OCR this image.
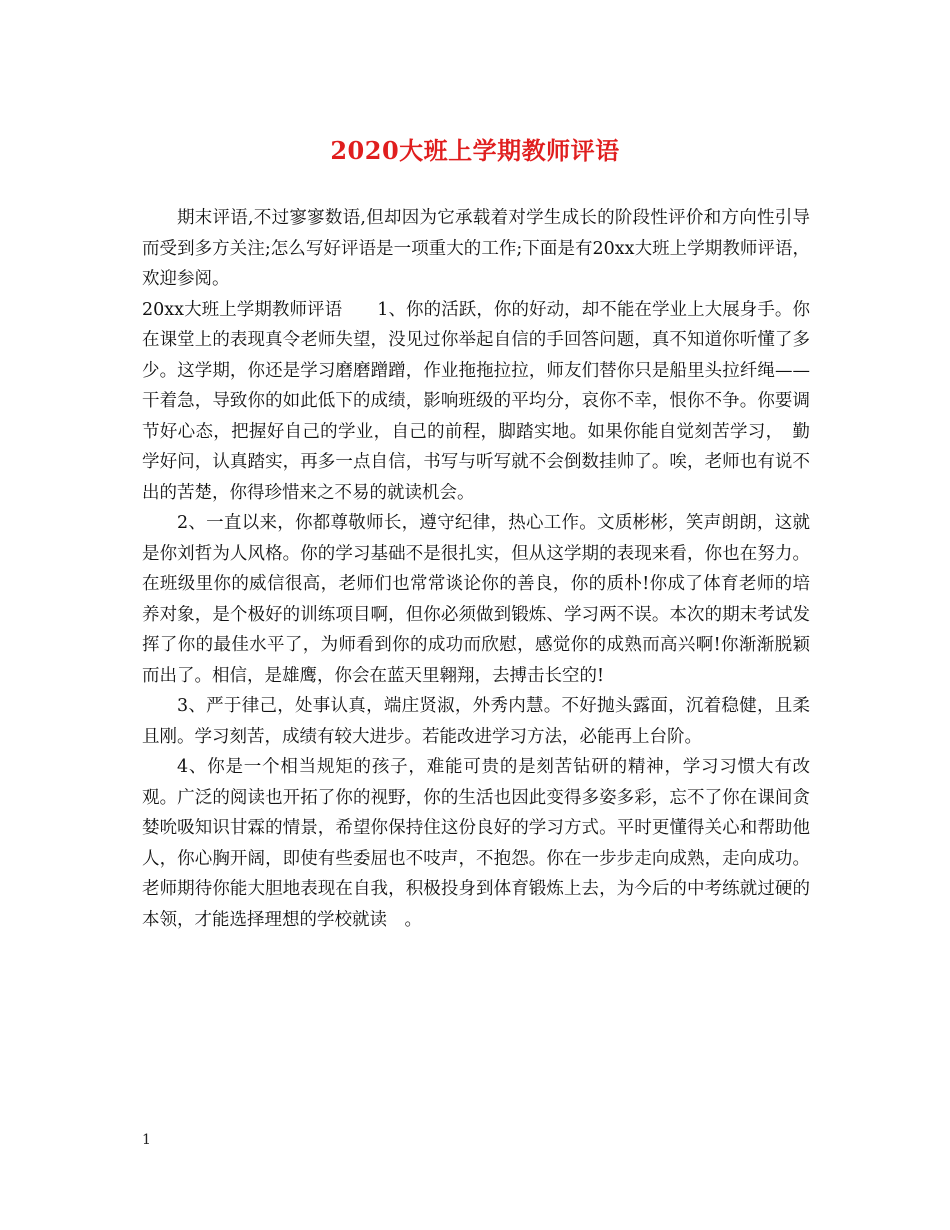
2020大班上学期教师评语

期末评语,不过寥寥数语,但却因为它承载着对学生成长的阶段性评价和方向性引导而受到多方关注;怎么写好评语是一项重大的工作;下面是有20xx大班上学期教师评语，欢迎参阅。

20xx大班上学期教师评语　　1、你的活跃，你的好动，却不能在学业上大展身手。你在课堂上的表现真令老师失望，没见过你举起自信的手回答问题，真不知道你听懂了多少。这学期，你还是学习磨磨蹭蹭，作业拖拖拉拉，师友们替你只是船里头拉纤绳——干着急，导致你的如此低下的成绩，影响班级的平均分，哀你不幸，恨你不争。你要调节好心态，把握好自己的学业，自己的前程，脚踏实地。如果你能自觉刻苦学习，　勤学好问，认真踏实，再多一点自信，书写与听写就不会倒数挂帅了。唉，老师也有说不出的苦楚，你得珍惜来之不易的就读机会。

2、一直以来，你都尊敬师长，遵守纪律，热心工作。文质彬彬，笑声朗朗，这就是你刘哲为人风格。你的学习基础不是很扎实，但从这学期的表现来看，你也在努力。在班级里你的威信很高，老师们也常常谈论你的善良，你的质朴!你成了体育老师的培养对象，是个极好的训练项目啊，但你必须做到锻炼、学习两不误。本次的期末考试发挥了你的最佳水平了，为师看到你的成功而欣慰，感觉你的成熟而高兴啊!你渐渐脱颖而出了。相信，是雄鹰，你会在蓝天里翱翔，去搏击长空的!

3、严于律己，处事认真，端庄贤淑，外秀内慧。不好抛头露面，沉着稳健，且柔且刚。学习刻苦，成绩有较大进步。若能改进学习方法，必能再上台阶。

4、你是一个相当规矩的孩子，难能可贵的是刻苦钻研的精神，学习习惯大有改观。广泛的阅读也开拓了你的视野，你的生活也因此变得多姿多彩，忘不了你在课间贪婪吮吸知识甘霖的情景，希望你保持住这份良好的学习方式。平时更懂得关心和帮助他人，你心胸开阔，即使有些委屈也不吱声，不抱怨。你在一步步走向成熟，走向成功。老师期待你能大胆地表现在自我，积极投身到体育锻炼上去，为今后的中考练就过硬的本领，才能选择理想的学校就读　。

1
